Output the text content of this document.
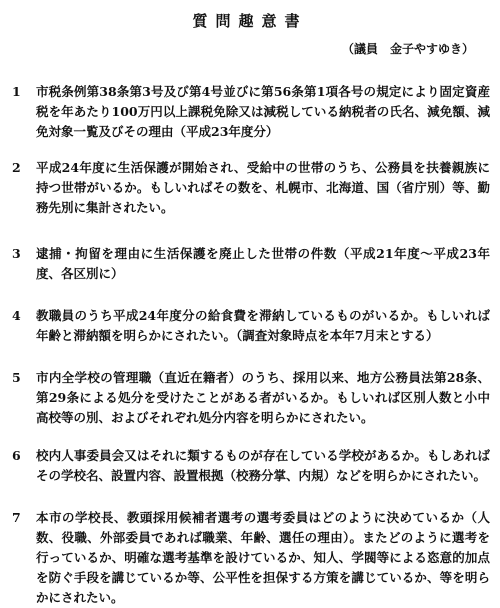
質問趣意書
（議員　金子やすゆき）
1	市税条例第38条第3号及び第4号並びに第56条第1項各号の規定により固定資産税を年あたり100万円以上課税免除又は減税している納税者の氏名、減免額、減免対象一覧及びその理由（平成23年度分）
2	平成24年度に生活保護が開始され、受給中の世帯のうち、公務員を扶養親族に持つ世帯がいるか。もしいればその数を、札幌市、北海道、国（省庁別）等、勤務先別に集計されたい。
3	逮捕・拘留を理由に生活保護を廃止した世帯の件数（平成21年度～平成23年度、各区別に）
4	教職員のうち平成24年度分の給食費を滞納しているものがいるか。もしいれば年齢と滞納額を明らかにされたい。（調査対象時点を本年7月末とする）
5	市内全学校の管理職（直近在籍者）のうち、採用以来、地方公務員法第28条、第29条による処分を受けたことがある者がいるか。もしいれば区別人数と小中高校等の別、およびそれぞれ処分内容を明らかにされたい。
6	校内人事委員会又はそれに類するものが存在している学校があるか。もしあればその学校名、設置内容、設置根拠（校務分掌、内規）などを明らかにされたい。
7	本市の学校長、教頭採用候補者選考の選考委員はどのように決めているか（人数、役職、外部委員であれば職業、年齢、選任の理由）。またどのように選考を行っているか、明確な選考基準を設けているか、知人、学閥等による恣意的加点を防ぐ手段を講じているか等、公平性を担保する方策を講じているか、等を明らかにされたい。
